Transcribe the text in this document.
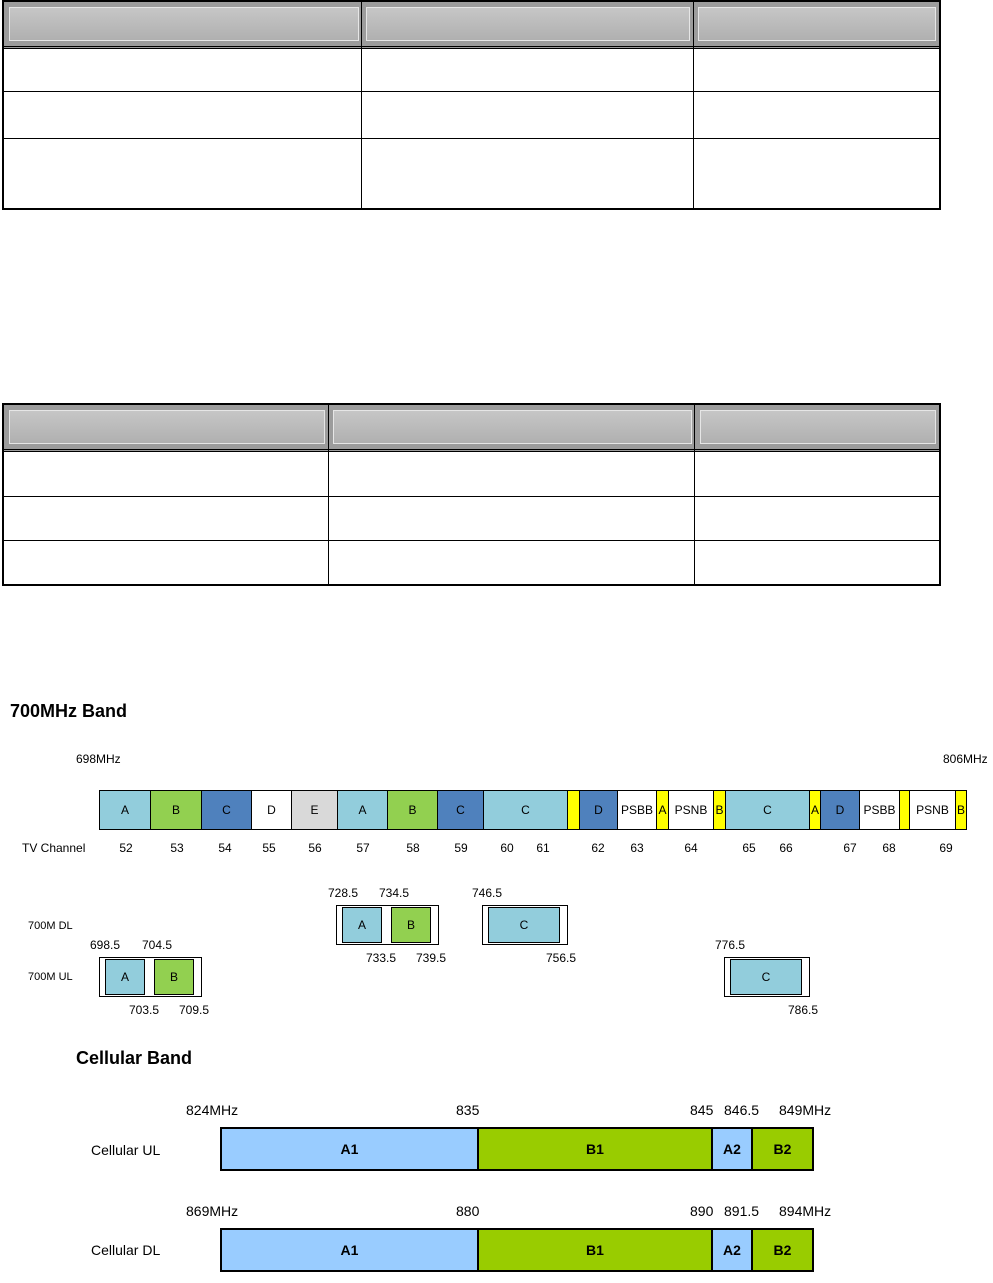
700MHz Band
698MHz	806MHz
A	B	C	D	E	A	B	C	C	D	PSBB A PSNB B	C	A	D	PSBB	PSNB B
TV Channel	52	53	54	55	56	57	58	59	60 61	62 63	64	65 66	67 68	69
700M DL
700M UL
728.5 734.5	746.5
A	B	C
733.5 739.5	756.5
698.5 704.5	776.5
A	B	C
703.5 709.5	786.5
Cellular Band
824MHz	835	845 846.5 849MHz
Cellular UL	A1	B1	A2	B2
869MHz	880	890 891.5 894MHz
Cellular DL	A1	B1	A2	B2
